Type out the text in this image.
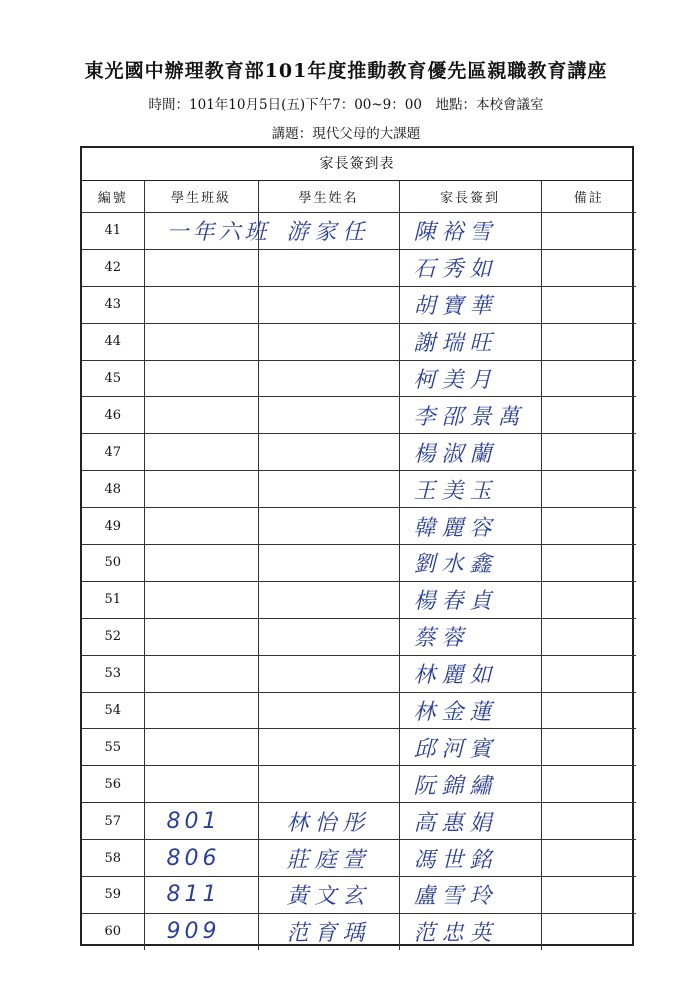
東光國中辦理教育部101年度推動教育優先區親職教育講座
時間：101年10月5日(五)下午7：00~9：00　地點：本校會議室
講題：現代父母的大課題
家長簽到表
編號	學生班級	學生姓名	家長簽到	備註
41	一年六班	游家任	陳裕雪	
42			石秀如	
43			胡寶華	
44			謝瑞旺	
45			柯美月	
46			李邵景萬	
47			楊淑蘭	
48			王美玉	
49			韓麗容	
50			劉水鑫	
51			楊春貞	
52			蔡蓉	
53			林麗如	
54			林金蓮	
55			邱河賓	
56			阮錦繡	
57	801	林怡彤	高惠娟	
58	806	莊庭萱	馮世銘	
59	811	黃文玄	盧雪玲	
60	909	范育瑀	范忠英	
